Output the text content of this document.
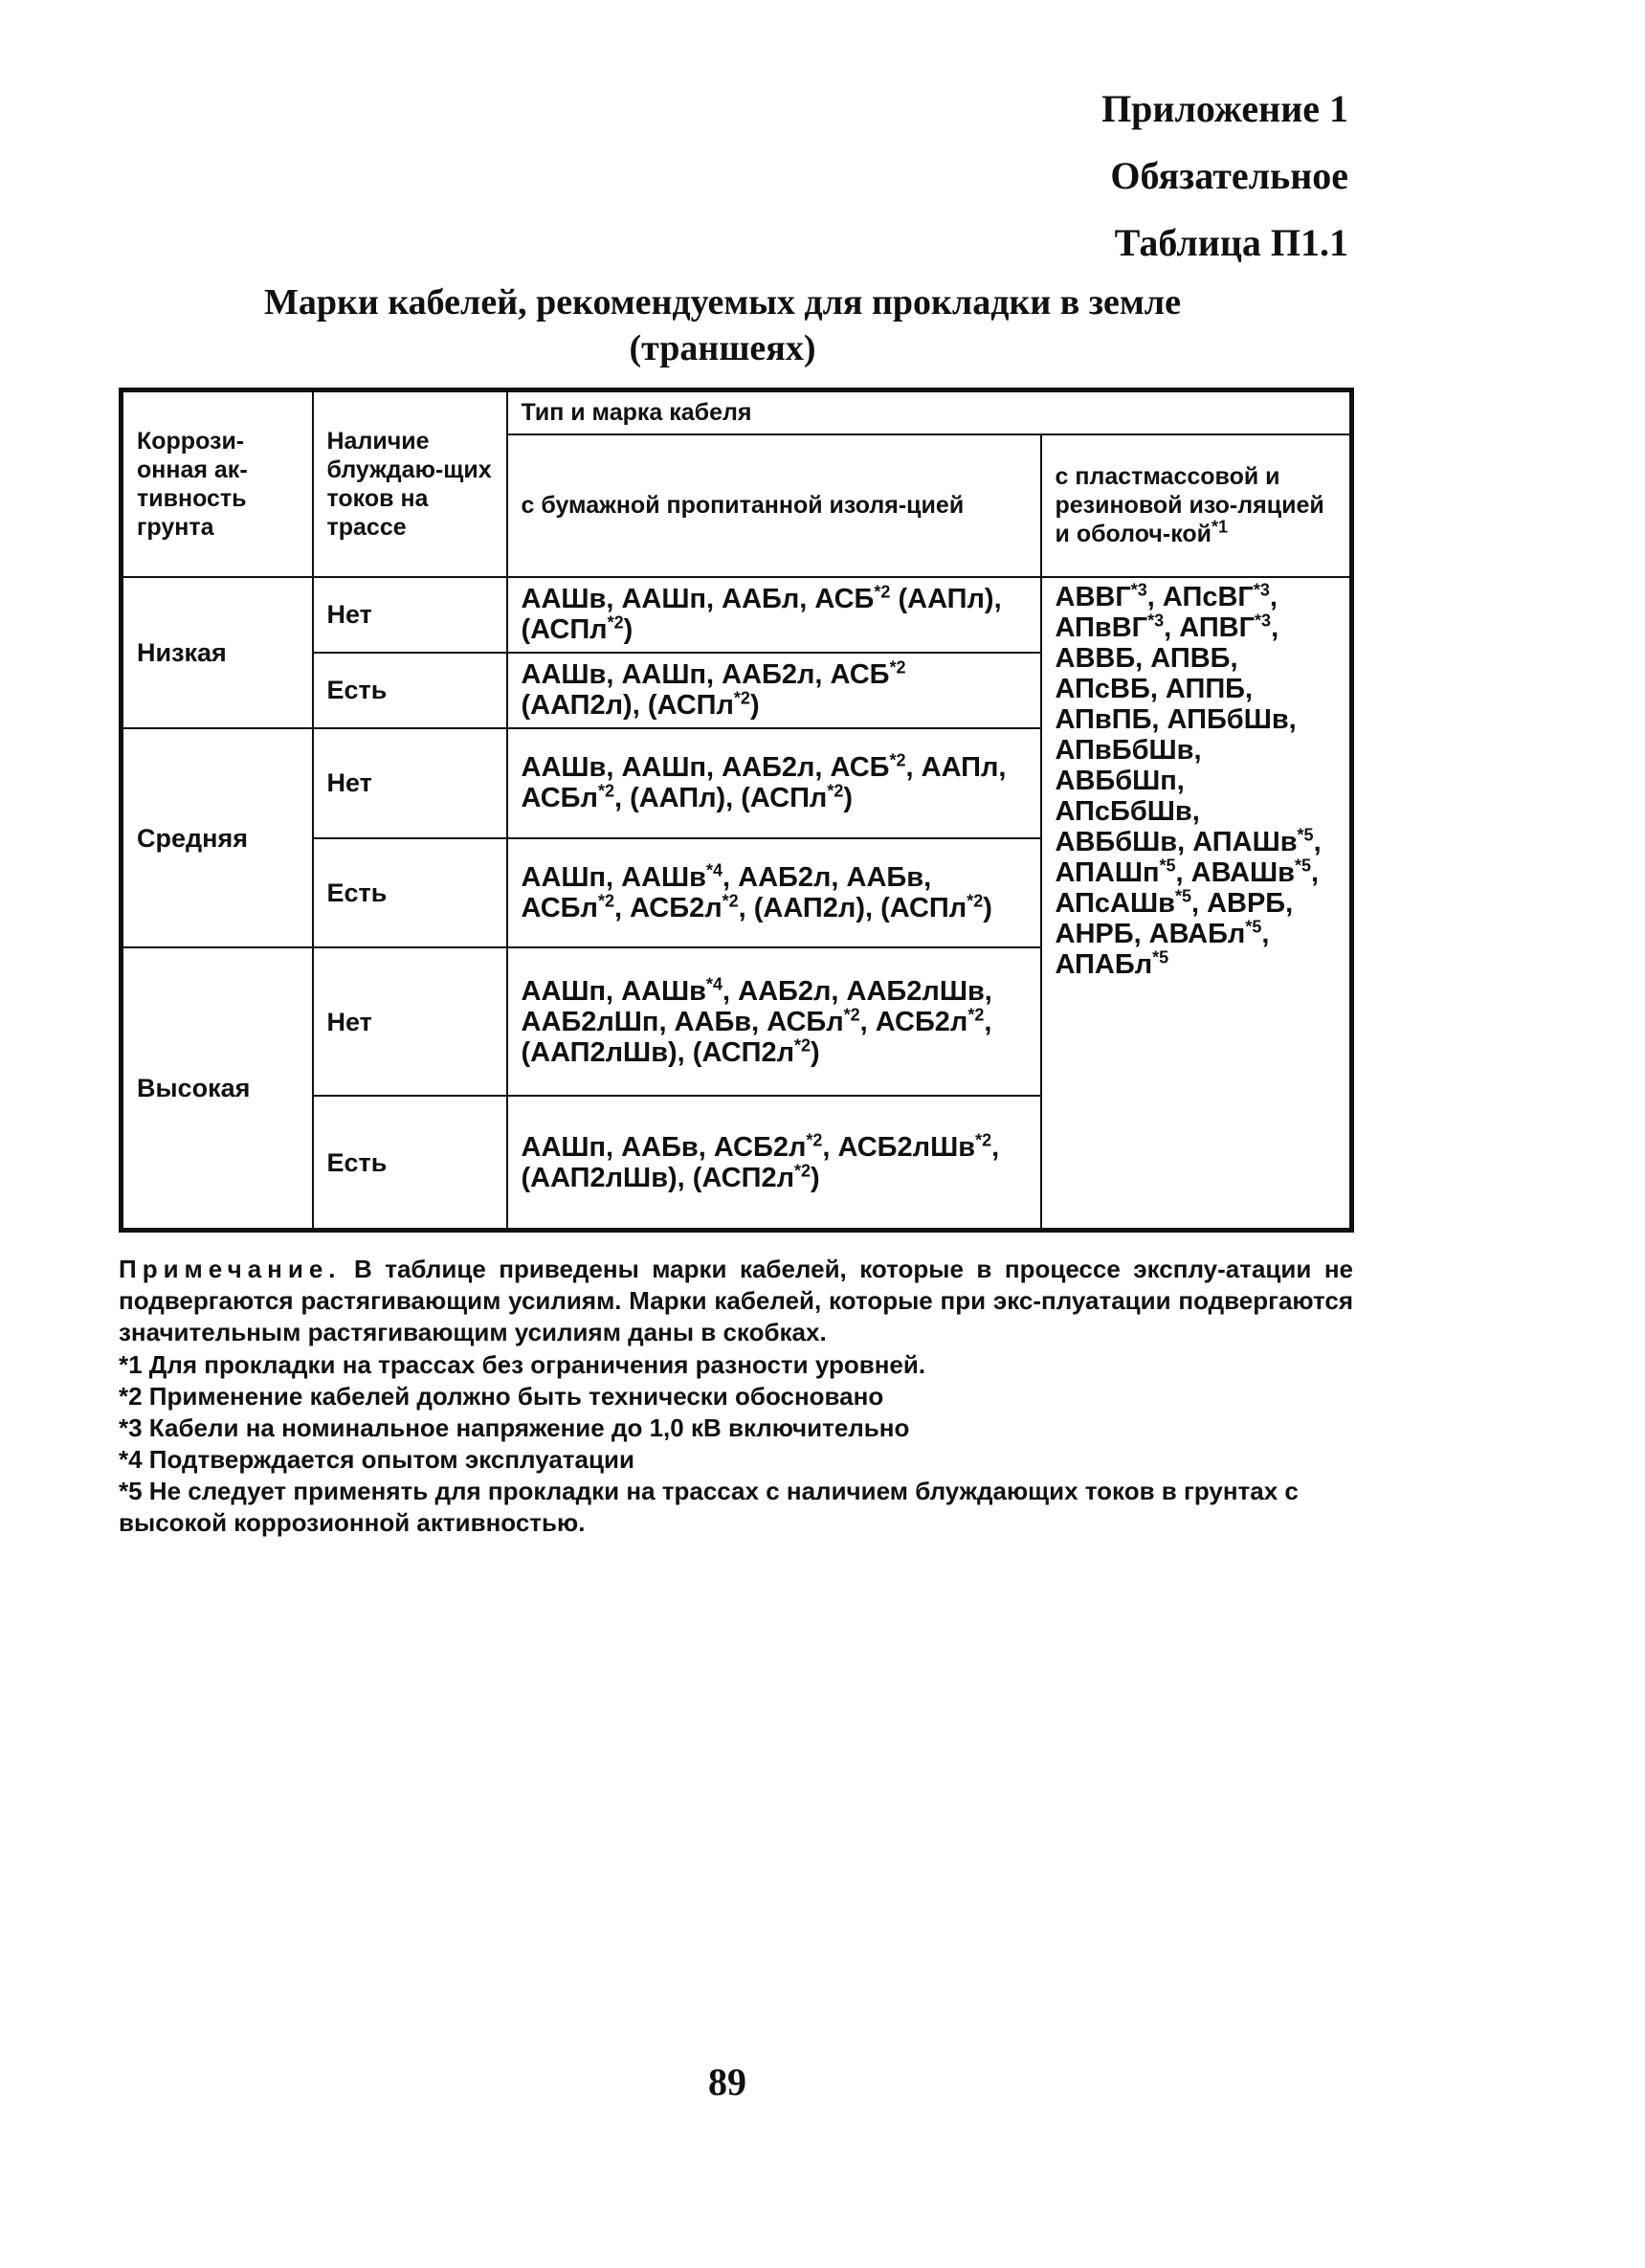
Приложение 1
Обязательное
Таблица П1.1
Марки кабелей, рекомендуемых для прокладки в земле
(траншеях)
Коррози-онная ак-тивность грунта	Наличие блуждаю-щих токов на трассе	Тип и марка кабеля	
		с бумажной пропитанной изоля-цией	с пластмассовой и резиновой изо-ляцией и оболоч-кой$^{*1}$
Низкая	Нет	ААШв, ААШп, ААБл, АСБ$^{*2}$ (ААПл), (АСПл$^{*2}$)	АВВГ$^{*3}$, АПсВГ$^{*3}$, АПвВГ$^{*3}$, АПВГ$^{*3}$, АВВБ, АПВБ, АПсВБ, АППБ, АПвПБ, АПБбШв, АПвБбШв, АВБбШп, АПсБбШв, АВБбШв, АПАШв$^{*5}$, АПАШп$^{*5}$, АВАШв$^{*5}$, АПсАШв$^{*5}$, АВРБ, АНРБ, АВАБл$^{*5}$, АПАБл$^{*5}$
	Есть	ААШв, ААШп, ААБ2л, АСБ$^{*2}$ (ААП2л), (АСПл$^{*2}$)	
Средняя	Нет	ААШв, ААШп, ААБ2л, АСБ$^{*2}$, ААПл, АСБл$^{*2}$, (ААПл), (АСПл$^{*2}$)	
	Есть	ААШп, ААШв$^{*4}$, ААБ2л, ААБв, АСБл$^{*2}$, $АСБ2л^{*2}$, (ААП2л), (АСПл$^{*2}$)	
Высокая	Нет	ААШп, ААШв$^{*4}$, ААБ2л, ААБ2лШв, ААБ2лШп, ААБв, АСБл$^{*2}$, $АСБ2л^{*2}$, (ААП2лШв), $(АСП2л^{*2})$	
	Есть	ААШп, ААБв, $АСБ2л^{*2}$, АСБ2лШв$^{*2}$, (ААП2лШв), $(АСП2л^{*2})$	
Примечание. В таблице приведены марки кабелей, которые в процессе эксплу-атации не подвергаются растягивающим усилиям. Марки кабелей, которые при экс-плуатации подвергаются значительным растягивающим усилиям даны в скобках.
*1 Для прокладки на трассах без ограничения разности уровней.
*2 Применение кабелей должно быть технически обосновано
*3 Кабели на номинальное напряжение до 1,0 кВ включительно
*4 Подтверждается опытом эксплуатации
*5 Не следует применять для прокладки на трассах с наличием блуждающих токов в грунтах с высокой коррозионной активностью.
89
